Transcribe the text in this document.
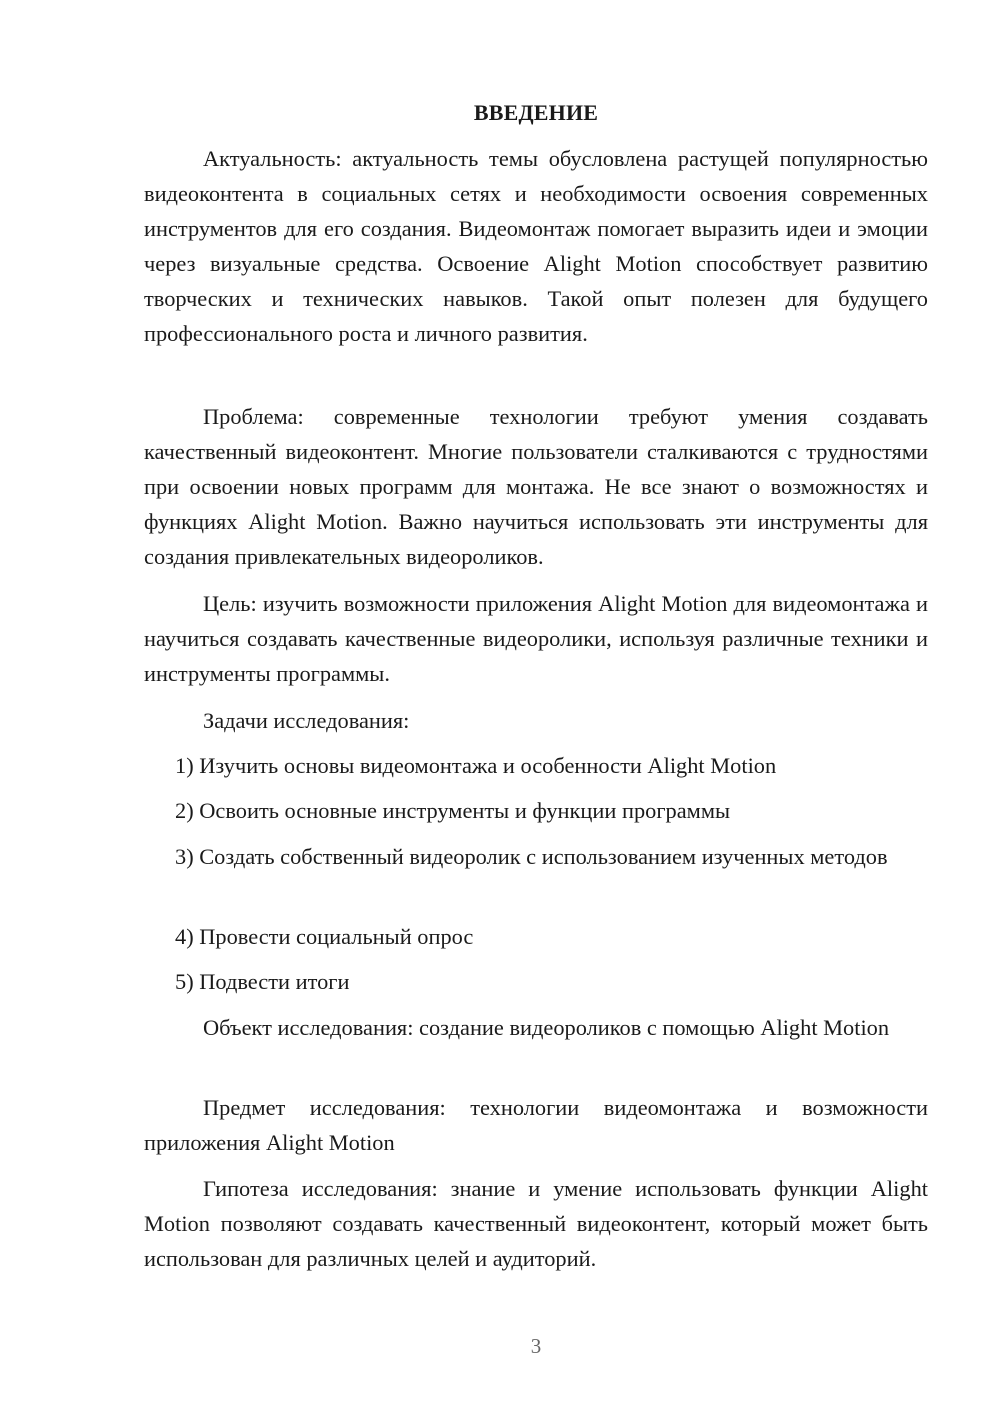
ВВЕДЕНИЕ

Актуальность: актуальность темы обусловлена растущей популярностью видеоконтента в социальных сетях и необходимости освоения современных инструментов для его создания. Видеомонтаж помогает выразить идеи и эмоции через визуальные средства. Освоение Alight Motion способствует развитию творческих и технических навыков. Такой опыт полезен для будущего профессионального роста и личного развития.

Проблема: современные технологии требуют умения создавать качественный видеоконтент. Многие пользователи сталкиваются с трудностями при освоении новых программ для монтажа. Не все знают о возможностях и функциях Alight Motion. Важно научиться использовать эти инструменты для создания привлекательных видеороликов.

Цель: изучить возможности приложения Alight Motion для видеомонтажа и научиться создавать качественные видеоролики, используя различные техники и инструменты программы.

Задачи исследования:

1) Изучить основы видеомонтажа и особенности Alight Motion

2) Освоить основные инструменты и функции программы

3) Создать собственный видеоролик с использованием изученных методов

4) Провести социальный опрос

5) Подвести итоги

Объект исследования: создание видеороликов с помощью Alight Motion

Предмет исследования: технологии видеомонтажа и возможности приложения Alight Motion

Гипотеза исследования: знание и умение использовать функции Alight Motion позволяют создавать качественный видеоконтент, который может быть использован для различных целей и аудиторий.

3
